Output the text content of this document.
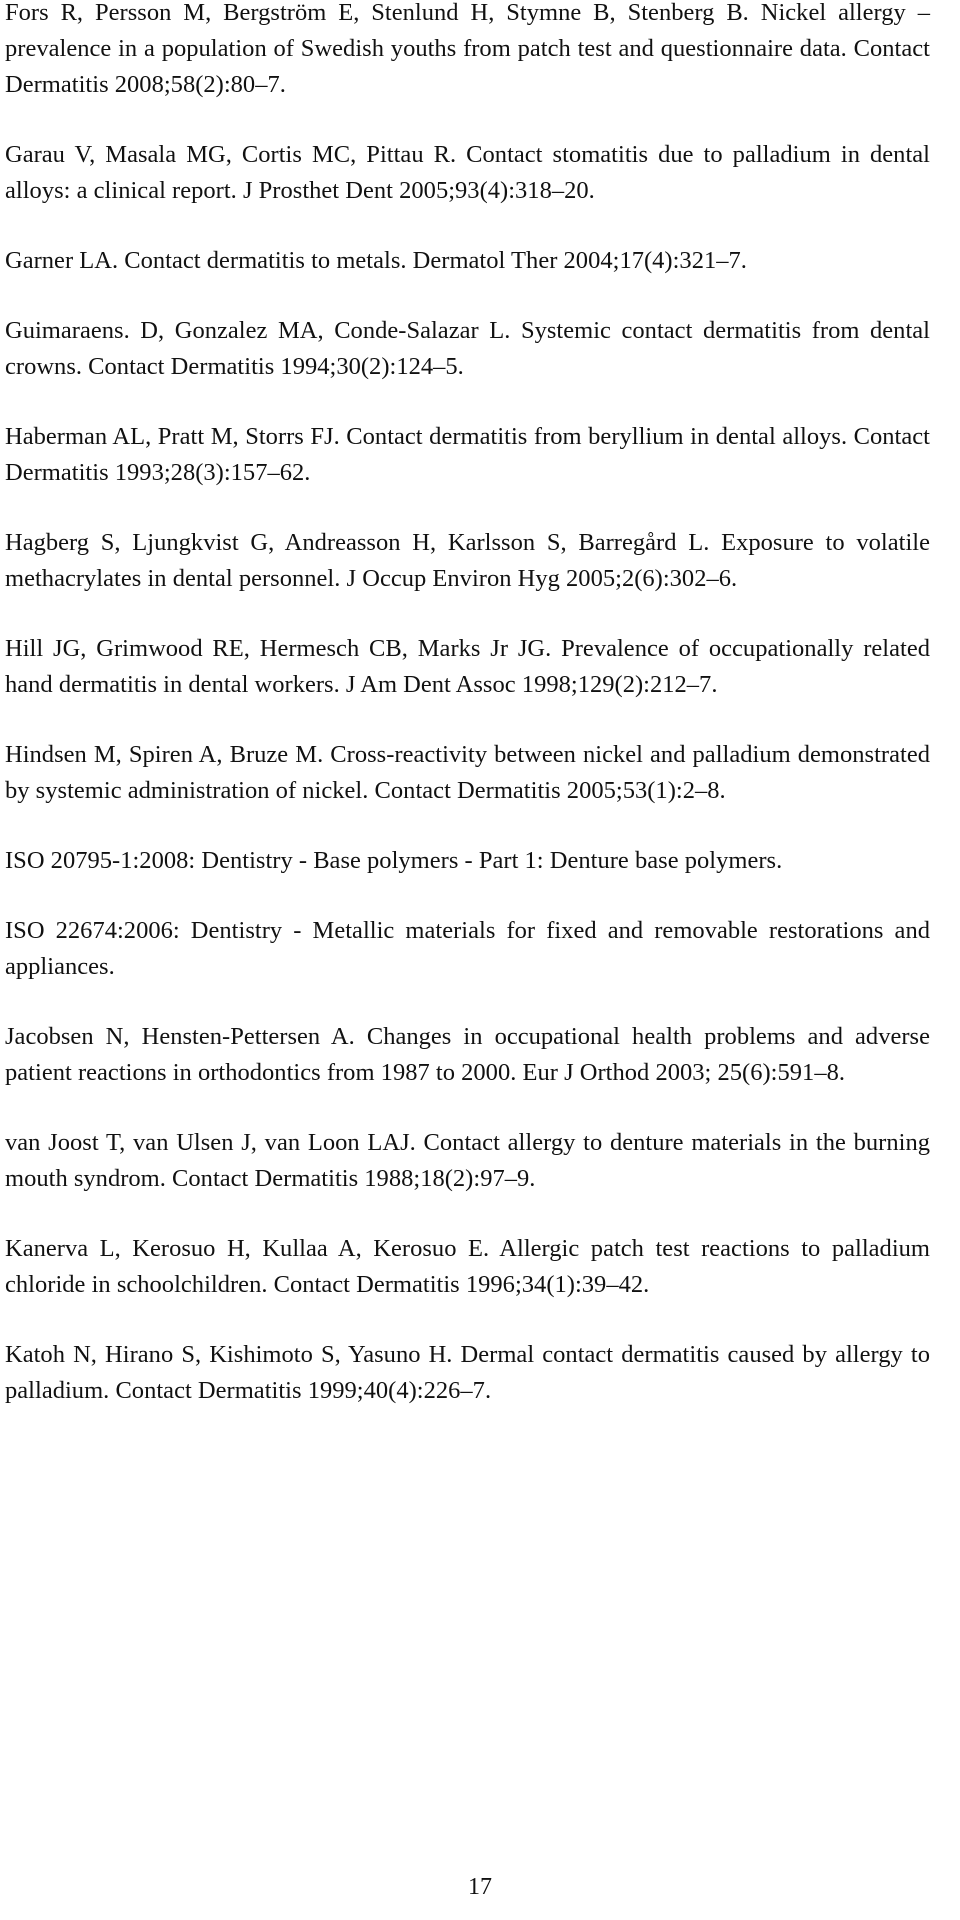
Fors R, Persson M, Bergström E, Stenlund H, Stymne B, Stenberg B. Nickel allergy – prevalence in a population of Swedish youths from patch test and questionnaire data. Contact Dermatitis 2008;58(2):80–7.
Garau V, Masala MG, Cortis MC, Pittau R. Contact stomatitis due to palladium in dental alloys: a clinical report. J Prosthet Dent 2005;93(4):318–20.
Garner LA. Contact dermatitis to metals. Dermatol Ther 2004;17(4):321–7.
Guimaraens. D, Gonzalez MA, Conde-Salazar L. Systemic contact dermatitis from dental crowns. Contact Dermatitis 1994;30(2):124–5.
Haberman AL, Pratt M, Storrs FJ. Contact dermatitis from beryllium in dental alloys. Contact Dermatitis 1993;28(3):157–62.
Hagberg S, Ljungkvist G, Andreasson H, Karlsson S, Barregård L. Exposure to volatile methacrylates in dental personnel. J Occup Environ Hyg 2005;2(6):302–6.
Hill JG, Grimwood RE, Hermesch CB, Marks Jr JG. Prevalence of occupationally related hand dermatitis in dental workers. J Am Dent Assoc 1998;129(2):212–7.
Hindsen M, Spiren A, Bruze M. Cross-reactivity between nickel and palladium demonstrated by systemic administration of nickel. Contact Dermatitis 2005;53(1):2–8.
ISO 20795-1:2008: Dentistry - Base polymers - Part 1: Denture base polymers.
ISO 22674:2006: Dentistry - Metallic materials for fixed and removable restorations and appliances.
Jacobsen N, Hensten-Pettersen A. Changes in occupational health problems and adverse patient reactions in orthodontics from 1987 to 2000. Eur J Orthod 2003; 25(6):591–8.
van Joost T, van Ulsen J, van Loon LAJ. Contact allergy to denture materials in the burning mouth syndrom. Contact Dermatitis 1988;18(2):97–9.
Kanerva L, Kerosuo H, Kullaa A, Kerosuo E. Allergic patch test reactions to palladium chloride in schoolchildren. Contact Dermatitis 1996;34(1):39–42.
Katoh N, Hirano S, Kishimoto S, Yasuno H. Dermal contact dermatitis caused by allergy to palladium. Contact Dermatitis 1999;40(4):226–7.
17
